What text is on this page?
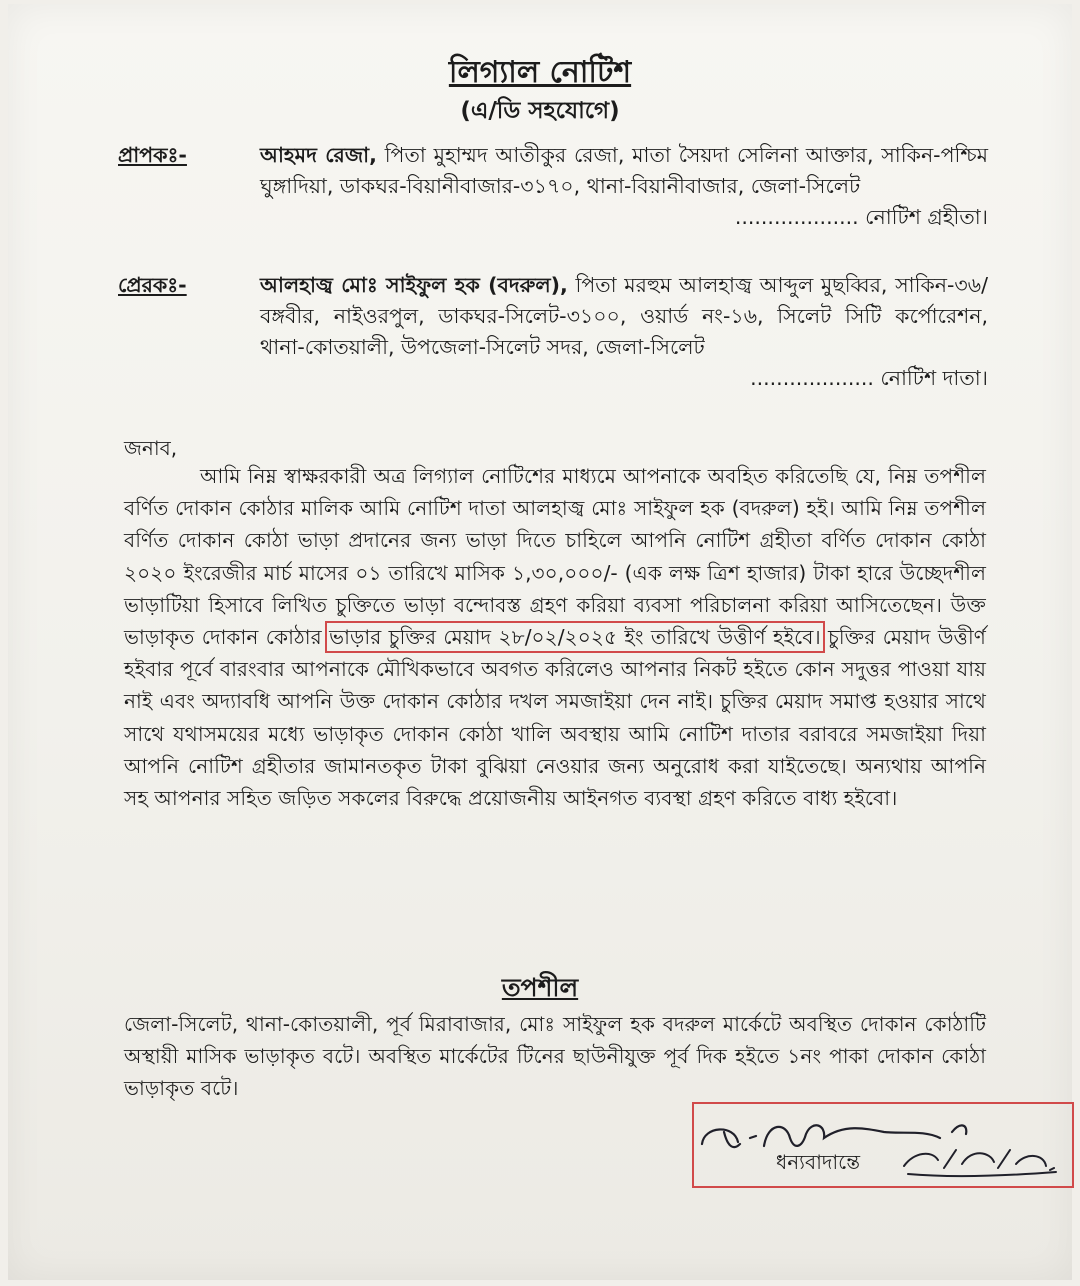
লিগ্যাল নোটিশ
(এ/ডি সহযোগে)
প্রাপকঃ-	আহমদ রেজা, পিতা মুহাম্মদ আতীকুর রেজা, মাতা সৈয়দা সেলিনা আক্তার, সাকিন-পশ্চিম ঘুঙ্গাদিয়া, ডাকঘর-বিয়ানীবাজার-৩১৭০, থানা-বিয়ানীবাজার, জেলা-সিলেট
................... নোটিশ গ্রহীতা।
প্রেরকঃ-	আলহাজ্ব মোঃ সাইফুল হক (বদরুল), পিতা মরহুম আলহাজ্ব আব্দুল মুছব্বির, সাকিন-৩৬/বঙ্গবীর, নাইওরপুল, ডাকঘর-সিলেট-৩১০০, ওয়ার্ড নং-১৬, সিলেট সিটি কর্পোরেশন, থানা-কোতয়ালী, উপজেলা-সিলেট সদর, জেলা-সিলেট
................... নোটিশ দাতা।
জনাব,
আমি নিম্ন স্বাক্ষরকারী অত্র লিগ্যাল নোটিশের মাধ্যমে আপনাকে অবহিত করিতেছি যে, নিম্ন তপশীল বর্ণিত দোকান কোঠার মালিক আমি নোটিশ দাতা আলহাজ্ব মোঃ সাইফুল হক (বদরুল) হই। আমি নিম্ন তপশীল বর্ণিত দোকান কোঠা ভাড়া প্রদানের জন্য ভাড়া দিতে চাহিলে আপনি নোটিশ গ্রহীতা বর্ণিত দোকান কোঠা ২০২০ ইংরেজীর মার্চ মাসের ০১ তারিখে মাসিক ১,৩০,০০০/- (এক লক্ষ ত্রিশ হাজার) টাকা হারে উচ্ছেদশীল ভাড়াটিয়া হিসাবে লিখিত চুক্তিতে ভাড়া বন্দোবস্ত গ্রহণ করিয়া ব্যবসা পরিচালনা করিয়া আসিতেছেন। উক্ত ভাড়াকৃত দোকান কোঠার ভাড়ার চুক্তির মেয়াদ ২৮/০২/২০২৫ ইং তারিখে উত্তীর্ণ হইবে। চুক্তির মেয়াদ উত্তীর্ণ হইবার পূর্বে বারংবার আপনাকে মৌখিকভাবে অবগত করিলেও আপনার নিকট হইতে কোন সদুত্তর পাওয়া যায় নাই এবং অদ্যাবধি আপনি উক্ত দোকান কোঠার দখল সমজাইয়া দেন নাই। চুক্তির মেয়াদ সমাপ্ত হওয়ার সাথে সাথে যথাসময়ের মধ্যে ভাড়াকৃত দোকান কোঠা খালি অবস্থায় আমি নোটিশ দাতার বরাবরে সমজাইয়া দিয়া আপনি নোটিশ গ্রহীতার জামানতকৃত টাকা বুঝিয়া নেওয়ার জন্য অনুরোধ করা যাইতেছে। অন্যথায় আপনি সহ আপনার সহিত জড়িত সকলের বিরুদ্ধে প্রয়োজনীয় আইনগত ব্যবস্থা গ্রহণ করিতে বাধ্য হইবো।
তপশীল
জেলা-সিলেট, থানা-কোতয়ালী, পূর্ব মিরাবাজার, মোঃ সাইফুল হক বদরুল মার্কেটে অবস্থিত দোকান কোঠাটি অস্থায়ী মাসিক ভাড়াকৃত বটে। অবস্থিত মার্কেটের টিনের ছাউনীযুক্ত পূর্ব দিক হইতে ১নং পাকা দোকান কোঠা ভাড়াকৃত বটে।
ধন্যবাদান্তে
